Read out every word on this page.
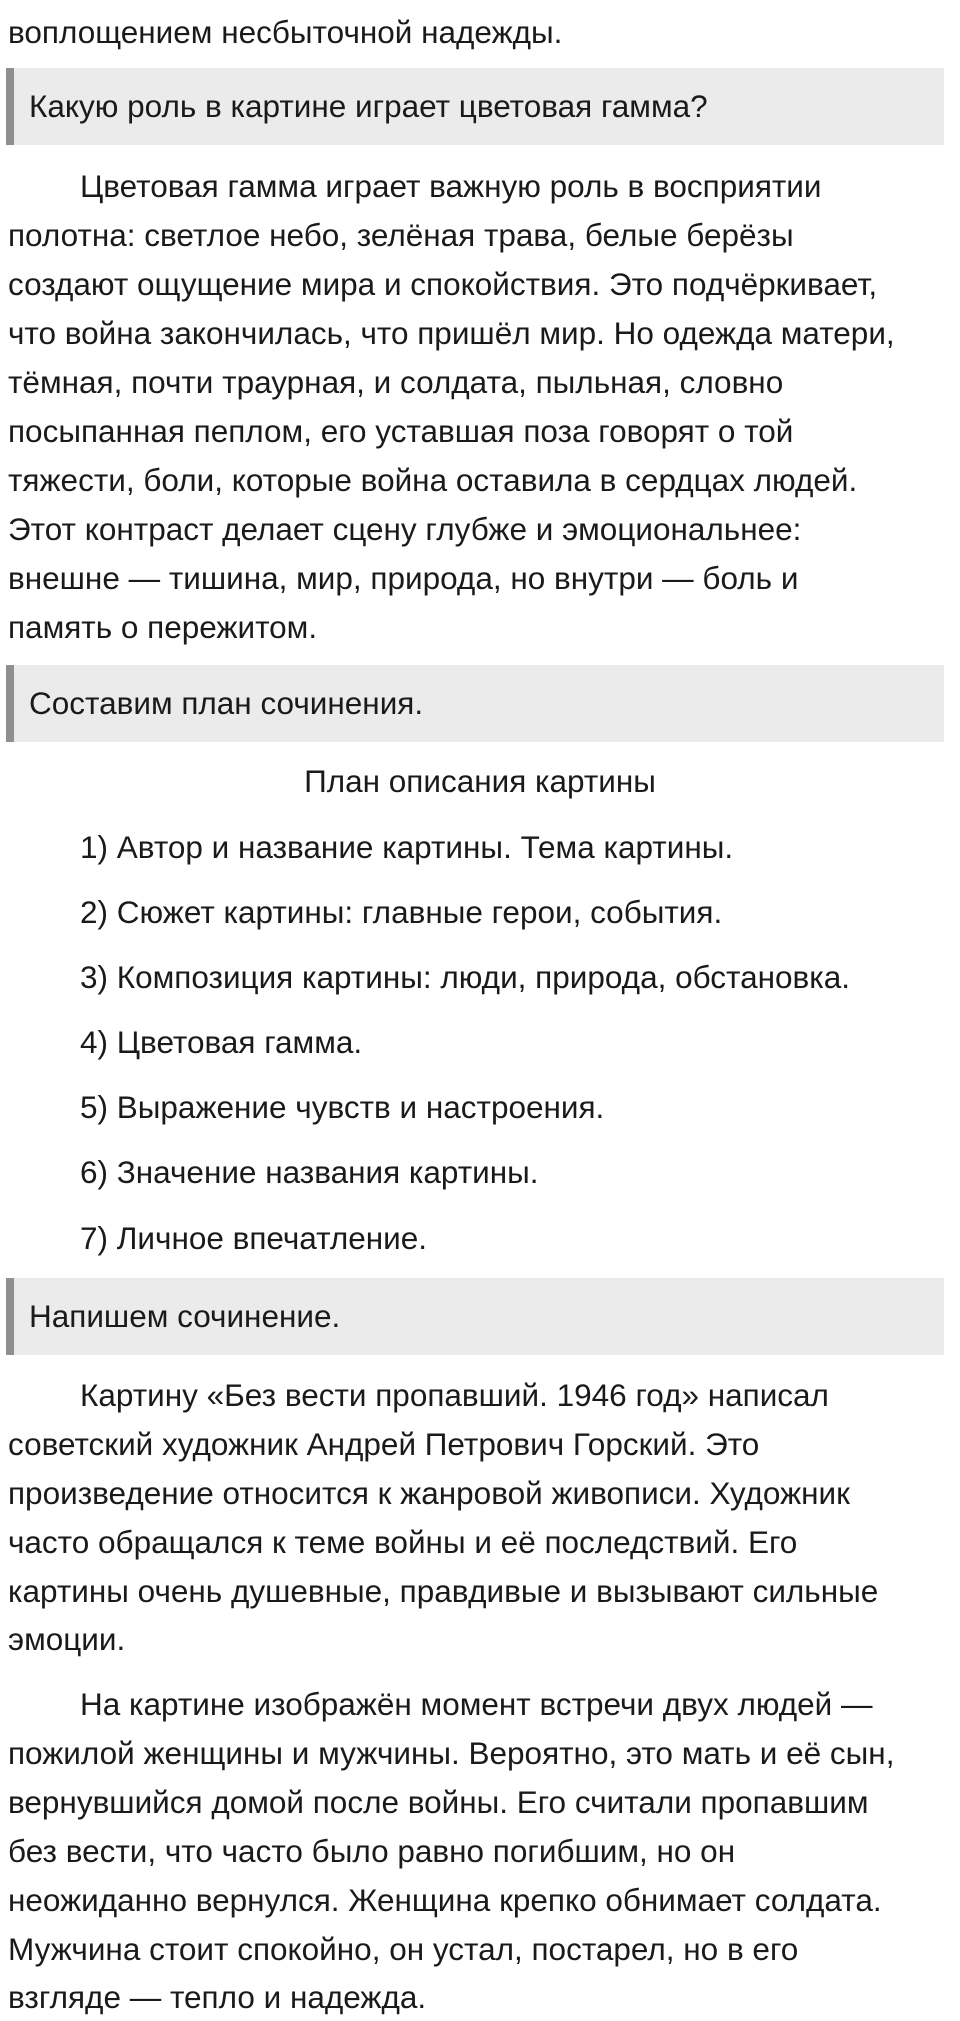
воплощением несбыточной надежды.
Какую роль в картине играет цветовая гамма?
Цветовая гамма играет важную роль в восприятии
полотна: светлое небо, зелёная трава, белые берёзы
создают ощущение мира и спокойствия. Это подчёркивает,
что война закончилась, что пришёл мир. Но одежда матери,
тёмная, почти траурная, и солдата, пыльная, словно
посыпанная пеплом, его уставшая поза говорят о той
тяжести, боли, которые война оставила в сердцах людей.
Этот контраст делает сцену глубже и эмоциональнее:
внешне — тишина, мир, природа, но внутри — боль и
память о пережитом.
Составим план сочинения.
План описания картины
1) Автор и название картины. Тема картины.
2) Сюжет картины: главные герои, события.
3) Композиция картины: люди, природа, обстановка.
4) Цветовая гамма.
5) Выражение чувств и настроения.
6) Значение названия картины.
7) Личное впечатление.
Напишем сочинение.
Картину «Без вести пропавший. 1946 год» написал
советский художник Андрей Петрович Горский. Это
произведение относится к жанровой живописи. Художник
часто обращался к теме войны и её последствий. Его
картины очень душевные, правдивые и вызывают сильные
эмоции.
На картине изображён момент встречи двух людей —
пожилой женщины и мужчины. Вероятно, это мать и её сын,
вернувшийся домой после войны. Его считали пропавшим
без вести, что часто было равно погибшим, но он
неожиданно вернулся. Женщина крепко обнимает солдата.
Мужчина стоит спокойно, он устал, постарел, но в его
взгляде — тепло и надежда.
